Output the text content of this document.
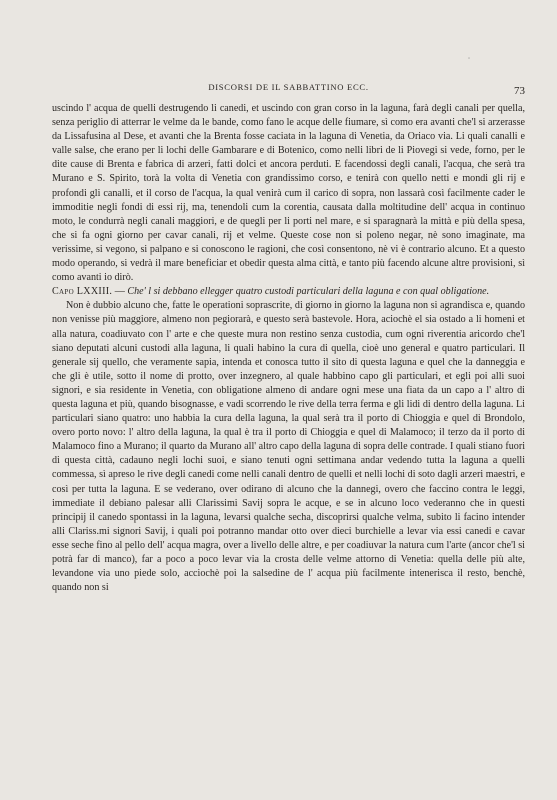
ˇ
DISCORSI DE IL SABBATTINO ECC.	73

uscindo l' acqua de quelli destrugendo li canedi, et uscindo con gran corso in la laguna, farà degli canali per quella, senza periglio di atterrar le velme da le bande, como fano le acque delle fiumare, sì como era avanti che'l si arzerasse da Lissafusina al Dese, et avanti che la Brenta fosse caciata in la laguna di Venetia, da Oriaco via. Li quali canalli e valle salse, che erano per li lochi delle Gambarare e di Botenico, como nelli libri de li Piovegi si vede, forno, per le dite cause di Brenta e fabrica di arzeri, fatti dolci et ancora perduti. E facendossi degli canali, l'acqua, che serà tra Murano e S. Spirito, torà la volta di Venetia con grandissimo corso, e tenirà con quello netti e mondi gli rij e profondi gli canalli, et il corso de l'acqua, la qual venirà cum il carico di sopra, non lassarà così facilmente cader le immoditie negli fondi di essi rij, ma, tenendoli cum la corentia, causata dalla moltitudine dell' acqua in continuo moto, le condurrà negli canali maggiori, e de quegli per li porti nel mare, e si sparagnarà la mittà e più della spesa, che si fa ogni giorno per cavar canali, rij et velme. Queste cose non si poleno negar, nè sono imaginate, ma verissime, si vegono, si palpano e si conoscono le ragioni, che così consentono, nè vi è contrario alcuno. Et a questo modo operando, si vedrà il mare beneficiar et obedir questa alma città, e tanto più facendo alcune altre provisioni, sì como avanti io dirò.

Capo LXXIII. — Che' l si debbano ellegger quatro custodi particulari della laguna e con qual obligatione.

Non è dubbio alcuno che, fatte le operationi soprascrite, di giorno in giorno la laguna non si agrandisca e, quando non venisse più maggiore, almeno non pegiorarà, e questo serà bastevole. Hora, aciochè el sia ostado a li homeni et alla natura, coadiuvato con l' arte e che queste mura non restino senza custodia, cum ogni riverentia aricordo che'l siano deputati alcuni custodi alla laguna, li quali habino la cura di quella, cioè uno general e quatro particulari. Il generale sij quello, che veramente sapia, intenda et conosca tutto il sito di questa laguna e quel che la danneggia e che gli è utile, sotto il nome di protto, over inzegnero, al quale habbino capo gli particulari, et egli poi alli suoi signori, e sia residente in Venetia, con obligatione almeno di andare ogni mese una fiata da un capo a l' altro di questa laguna et più, quando bisognasse, e vadi scorrendo le rive della terra ferma e gli lidi di dentro della laguna. Li particulari siano quatro: uno habbia la cura della laguna, la qual serà tra il porto di Chioggia e quel di Brondolo, overo porto novo: l' altro della laguna, la qual è tra il porto di Chioggia e quel di Malamoco; il terzo da il porto di Malamoco fino a Murano; il quarto da Murano all' altro capo della laguna di sopra delle contrade. I quali stiano fuori di questa città, cadauno negli lochi suoi, e siano tenuti ogni settimana andar vedendo tutta la laguna a quelli commessa, sì apreso le rive degli canedi come nelli canali dentro de quelli et nelli lochi di soto dagli arzeri maestri, e così per tutta la laguna. E se vederano, over odirano di alcuno che la dannegi, overo che faccino contra le leggi, immediate il debiano palesar alli Clarissimi Savij sopra le acque, e se in alcuno loco vederanno che in questi principij il canedo spontassi in la laguna, levarsi qualche secha, discoprirsi qualche velma, subito li facino intender alli Clariss.mi signori Savij, i quali poi potranno mandar otto over dieci burchielle a levar via essi canedi e cavar esse seche fino al pello dell' acqua magra, over a livello delle altre, e per coadiuvar la natura cum l'arte (ancor che'l si potrà far di manco), far a poco a poco levar via la crosta delle velme attorno di Venetia: quella delle più alte, levandone via uno piede solo, acciochè poi la salsedine de l' acqua più facilmente intenerisca il resto, benchè, quando non si
